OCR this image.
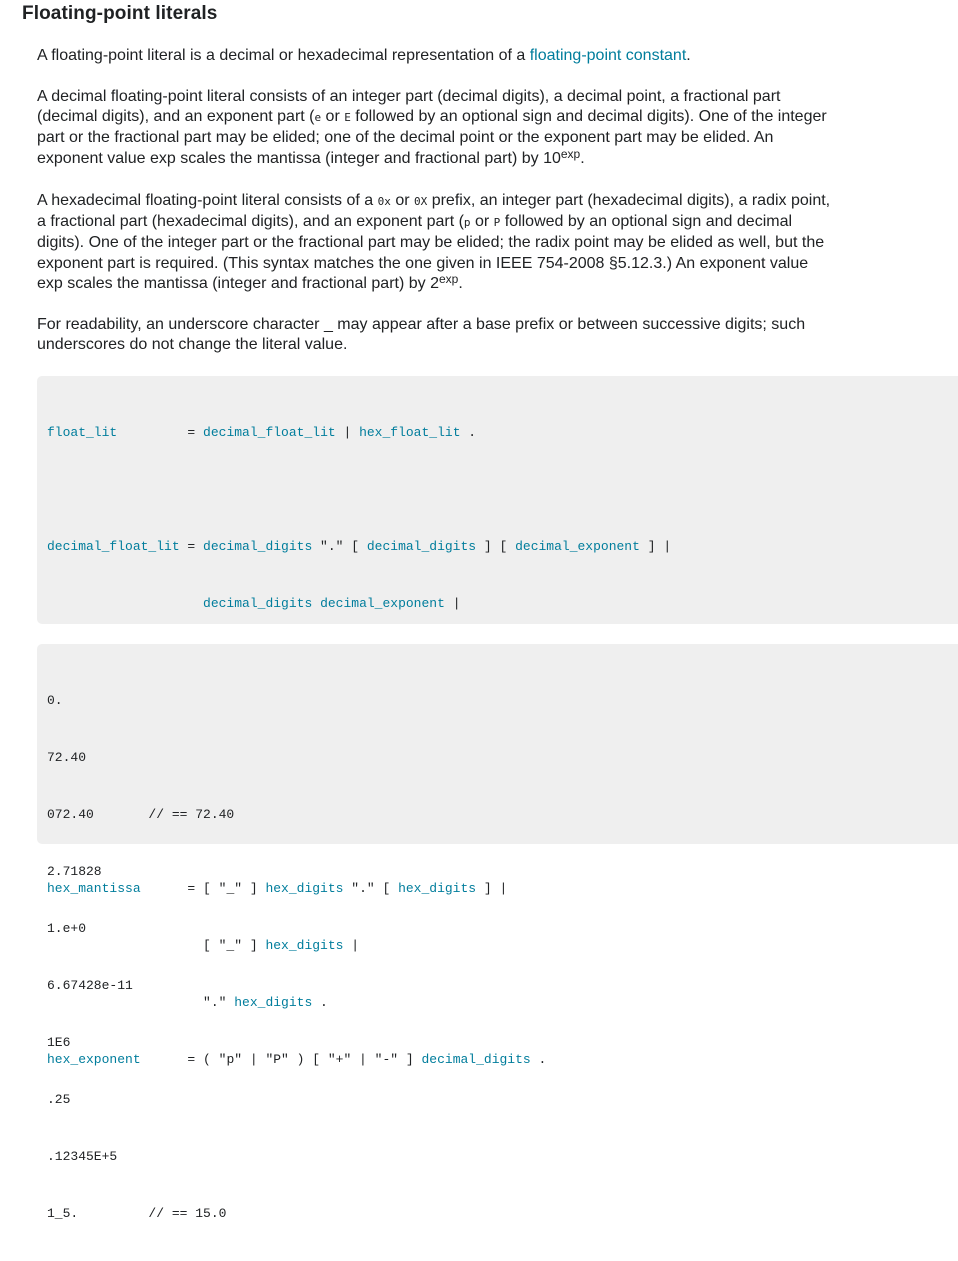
Floating-point literals

A floating-point literal is a decimal or hexadecimal representation of a floating-point constant.

A decimal floating-point literal consists of an integer part (decimal digits), a decimal point, a fractional part (decimal digits), and an exponent part (e or E followed by an optional sign and decimal digits). One of the integer part or the fractional part may be elided; one of the decimal point or the exponent part may be elided. An exponent value exp scales the mantissa (integer and fractional part) by $10^{exp}$.

A hexadecimal floating-point literal consists of a 0x or 0X prefix, an integer part (hexadecimal digits), a radix point, a fractional part (hexadecimal digits), and an exponent part (p or P followed by an optional sign and decimal digits). One of the integer part or the fractional part may be elided; the radix point may be elided as well, but the exponent part is required. (This syntax matches the one given in IEEE 754-2008 §5.12.3.) An exponent value exp scales the mantissa (integer and fractional part) by $2^{exp}$.

For readability, an underscore character _ may appear after a base prefix or between successive digits; such underscores do not change the literal value.

float_lit         = decimal_float_lit | hex_float_lit .

decimal_float_lit = decimal_digits "." [ decimal_digits ] [ decimal_exponent ] |

decimal_digits decimal_exponent |

hex_mantissa      = [ "_" ] hex_digits "." [ hex_digits ] |

[ "_" ] hex_digits |

"." hex_digits .

hex_exponent      = ( "p" | "P" ) [ "+" | "-" ] decimal_digits .

0.

72.40

072.40       // == 72.40

2.71828

1.e+0

6.67428e-11

1E6

.25

.12345E+5

1_5.         // == 15.0
